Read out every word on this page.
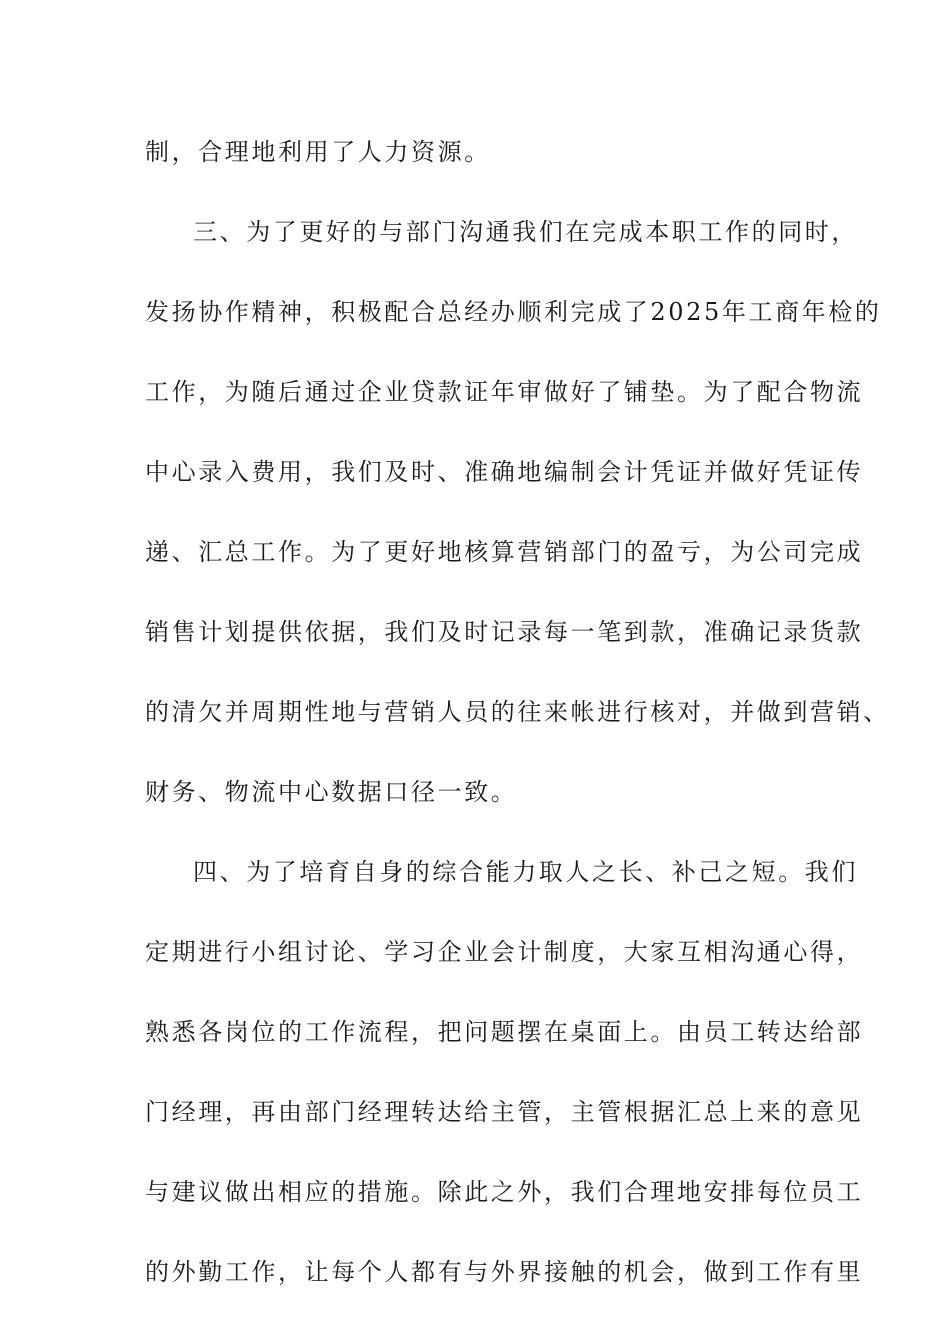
制，合理地利用了人力资源。
三、为了更好的与部门沟通我们在完成本职工作的同时，
发扬协作精神，积极配合总经办顺利完成了2025年工商年检的
工作，为随后通过企业贷款证年审做好了铺垫。为了配合物流
中心录入费用，我们及时、准确地编制会计凭证并做好凭证传
递、汇总工作。为了更好地核算营销部门的盈亏，为公司完成
销售计划提供依据，我们及时记录每一笔到款，准确记录货款
的清欠并周期性地与营销人员的往来帐进行核对，并做到营销、
财务、物流中心数据口径一致。
四、为了培育自身的综合能力取人之长、补己之短。我们
定期进行小组讨论、学习企业会计制度，大家互相沟通心得，
熟悉各岗位的工作流程，把问题摆在桌面上。由员工转达给部
门经理，再由部门经理转达给主管，主管根据汇总上来的意见
与建议做出相应的措施。除此之外，我们合理地安排每位员工
的外勤工作，让每个人都有与外界接触的机会，做到工作有里
